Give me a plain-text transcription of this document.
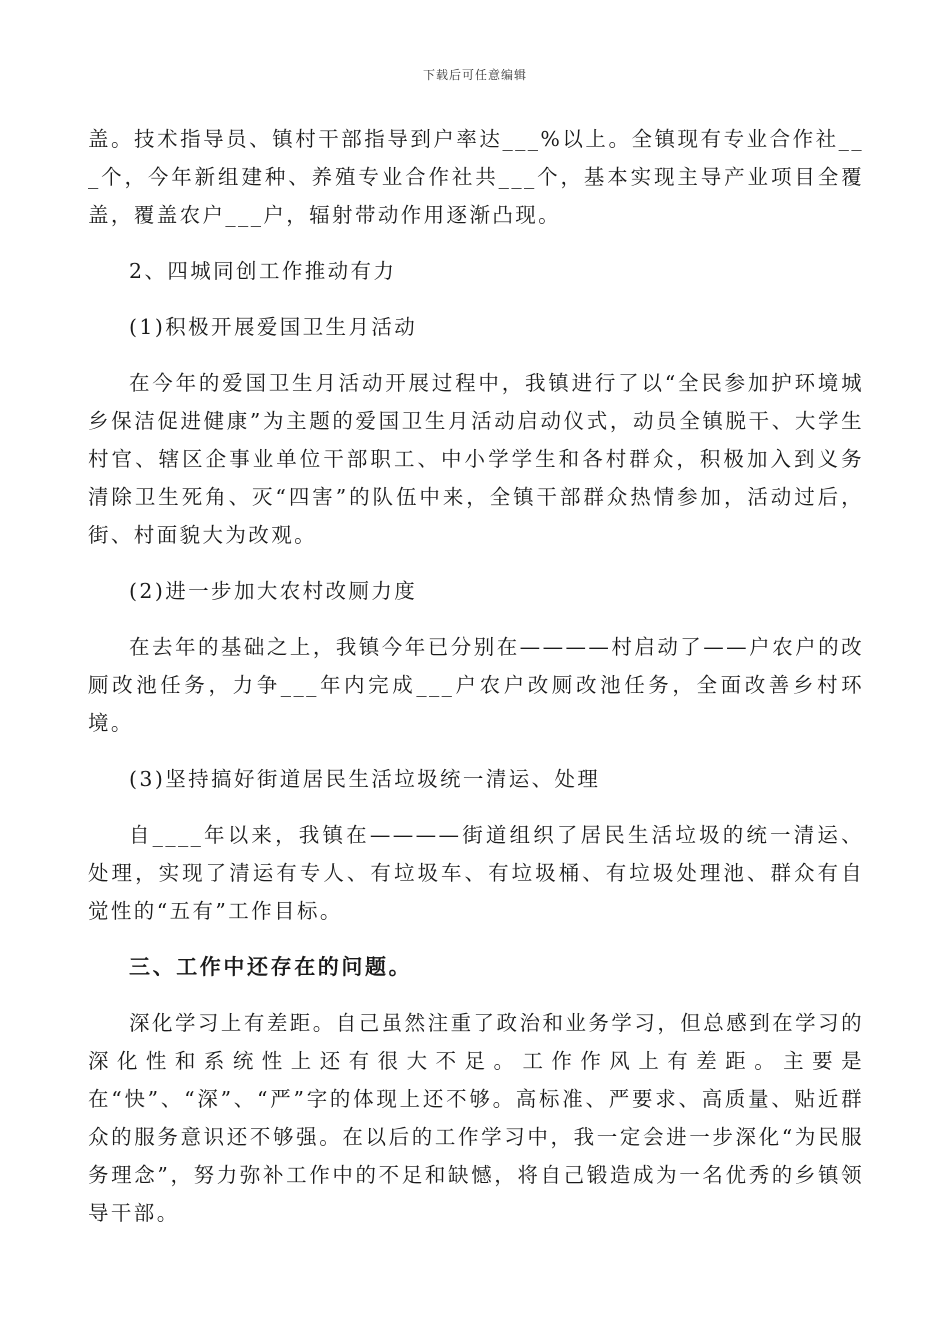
下载后可任意编辑

盖。技术指导员、镇村干部指导到户率达___%以上。全镇现有专业合作社___个，今年新组建种、养殖专业合作社共___个，基本实现主导产业项目全覆盖，覆盖农户___户，辐射带动作用逐渐凸现。

2、四城同创工作推动有力

(1)积极开展爱国卫生月活动

在今年的爱国卫生月活动开展过程中，我镇进行了以“全民参加护环境城乡保洁促进健康”为主题的爱国卫生月活动启动仪式，动员全镇脱干、大学生村官、辖区企事业单位干部职工、中小学学生和各村群众，积极加入到义务清除卫生死角、灭“四害”的队伍中来，全镇干部群众热情参加，活动过后，街、村面貌大为改观。

(2)进一步加大农村改厕力度

在去年的基础之上，我镇今年已分别在————村启动了——户农户的改厕改池任务，力争___年内完成___户农户改厕改池任务，全面改善乡村环境。

(3)坚持搞好街道居民生活垃圾统一清运、处理

自____年以来，我镇在————街道组织了居民生活垃圾的统一清运、处理，实现了清运有专人、有垃圾车、有垃圾桶、有垃圾处理池、群众有自觉性的“五有”工作目标。

三、工作中还存在的问题。

深化学习上有差距。自己虽然注重了政治和业务学习，但总感到在学习的深化性和系统性上还有很大不足。工作作风上有差距。主要是在“快”、“深”、“严”字的体现上还不够。高标准、严要求、高质量、贴近群众的服务意识还不够强。在以后的工作学习中，我一定会进一步深化“为民服务理念”，努力弥补工作中的不足和缺憾，将自己锻造成为一名优秀的乡镇领导干部。
